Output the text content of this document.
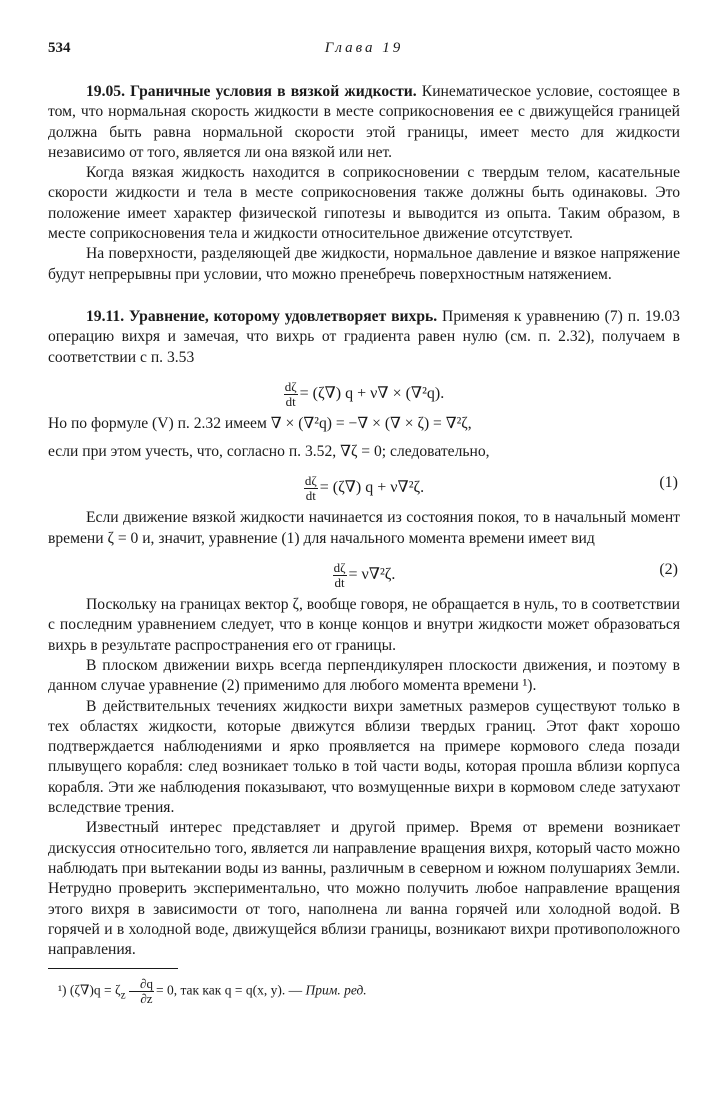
534	Глава 19

19.05. Граничные условия в вязкой жидкости. Кинематическое условие, состоящее в том, что нормальная скорость жидкости в месте соприкосновения ее с движущейся границей должна быть равна нормальной скорости этой границы, имеет место для жидкости независимо от того, является ли она вязкой или нет.

Когда вязкая жидкость находится в соприкосновении с твердым телом, касательные скорости жидкости и тела в месте соприкосновения также должны быть одинаковы. Это положение имеет характер физической гипотезы и выводится из опыта. Таким образом, в месте соприкосновения тела и жидкости относительное движение отсутствует.

На поверхности, разделяющей две жидкости, нормальное давление и вязкое напряжение будут непрерывны при условии, что можно пренебречь поверхностным натяжением.

19.11. Уравнение, которому удовлетворяет вихрь. Применяя к уравнению (7) п. 19.03 операцию вихря и замечая, что вихрь от градиента равен нулю (см. п. 2.32), получаем в соответствии с п. 3.53

$\frac{d\zeta}{dt} = (\zeta\nabla) q + \nu\nabla \times (\nabla^2q)$.

Но по формуле (V) п. 2.32 имеем ∇ × (∇²q) = −∇ × (∇ × ζ) = ∇²ζ,

если при этом учесть, что, согласно п. 3.52, ∇ζ = 0; следовательно,

$\frac{d\zeta}{dt} = (\zeta\nabla) q + \nu\nabla^2\zeta$.	(1)

Если движение вязкой жидкости начинается из состояния покоя, то в начальный момент времени ζ = 0 и, значит, уравнение (1) для начального момента времени имеет вид

$\frac{d\zeta}{dt} = \nu\nabla^2\zeta$.	(2)

Поскольку на границах вектор ζ, вообще говоря, не обращается в нуль, то в соответствии с последним уравнением следует, что в конце концов и внутри жидкости может образоваться вихрь в результате распространения его от границы.

В плоском движении вихрь всегда перпендикулярен плоскости движения, и поэтому в данном случае уравнение (2) применимо для любого момента времени ¹).

В действительных течениях жидкости вихри заметных размеров существуют только в тех областях жидкости, которые движутся вблизи твердых границ. Этот факт хорошо подтверждается наблюдениями и ярко проявляется на примере кормового следа позади плывущего корабля: след возникает только в той части воды, которая прошла вблизи корпуса корабля. Эти же наблюдения показывают, что возмущенные вихри в кормовом следе затухают вследствие трения.

Известный интерес представляет и другой пример. Время от времени возникает дискуссия относительно того, является ли направление вращения вихря, который часто можно наблюдать при вытекании воды из ванны, различным в северном и южном полушариях Земли. Нетрудно проверить экспериментально, что можно получить любое направление вращения этого вихря в зависимости от того, наполнена ли ванна горячей или холодной водой. В горячей и в холодной воде, движущейся вблизи границы, возникают вихри противоположного направления.

¹) $(\zeta\nabla)q = \zeta_z \frac{\partial q}{\partial z} = 0$, так как q = q(x, y). — Прим. ред.
